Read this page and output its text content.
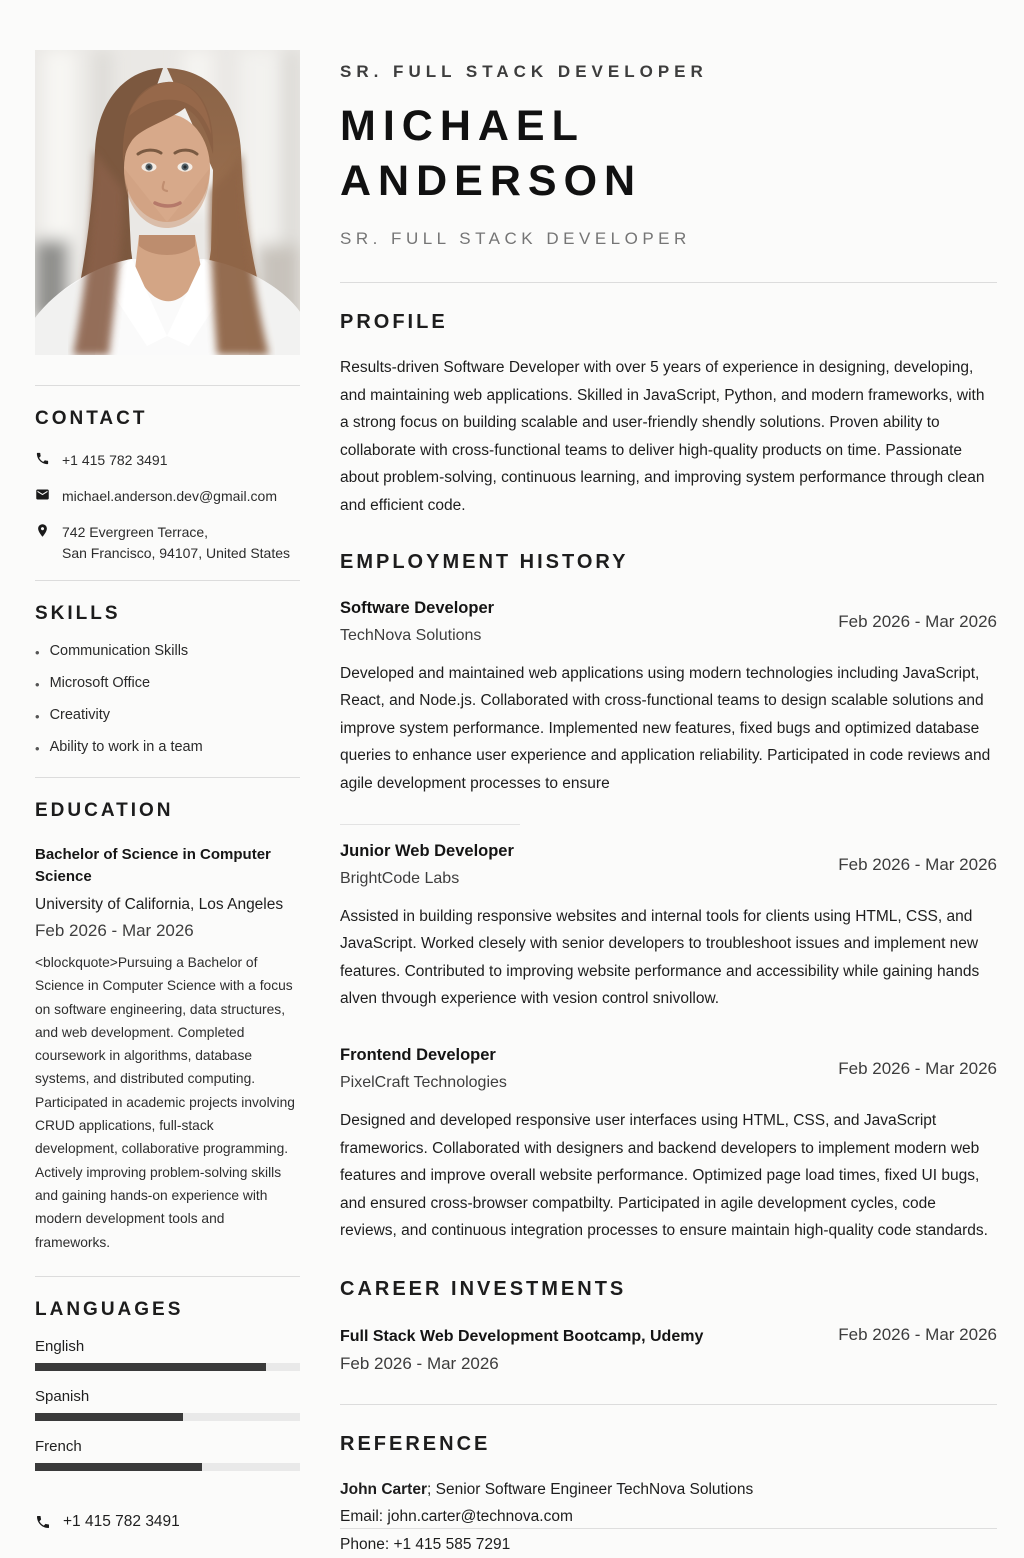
CONTACT
+1 415 782 3491
michael.anderson.dev@gmail.com
742 Evergreen Terrace,
San Francisco, 94107, United States
SKILLS
• Communication Skills
• Microsoft Office
• Creativity
• Ability to work in a team
EDUCATION
Bachelor of Science in Computer Science
University of California, Los Angeles
Feb 2026 - Mar 2026

<blockquote>Pursuing a Bachelor of Science in Computer Science with a focus on software engineering, data structures, and web development. Completed coursework in algorithms, database systems, and distributed computing. Participated in academic projects involving CRUD applications, full-stack development, collaborative programming. Actively improving problem-solving skills and gaining hands-on experience with modern development tools and frameworks.

LANGUAGES
English
Spanish
French
+1 415 782 3491
SR. FULL STACK DEVELOPER
MICHAEL
ANDERSON
SR. FULL STACK DEVELOPER
PROFILE

Results-driven Software Developer with over 5 years of experience in designing, developing, and maintaining web applications. Skilled in JavaScript, Python, and modern frameworks, with a strong focus on building scalable and user-friendly shendly solutions. Proven ability to collaborate with cross-functional teams to deliver high-quality products on time. Passionate about problem-solving, continuous learning, and improving system performance through clean and efficient code.

EMPLOYMENT HISTORY
Software Developer
TechNova Solutions
Feb 2026 - Mar 2026

Developed and maintained web applications using modern technologies including JavaScript, React, and Node.js. Collaborated with cross-functional teams to design scalable solutions and improve system performance. Implemented new features, fixed bugs and optimized database queries to enhance user experience and application reliability. Participated in code reviews and agile development processes to ensure

Junior Web Developer
BrightCode Labs
Feb 2026 - Mar 2026

Assisted in building responsive websites and internal tools for clients using HTML, CSS, and JavaScript. Worked clesely with senior developers to troubleshoot issues and implement new features. Contributed to improving website performance and accessibility while gaining hands alven thvough experience with vesion control snivollow.

Frontend Developer
PixelCraft Technologies
Feb 2026 - Mar 2026

Designed and developed responsive user interfaces using HTML, CSS, and JavaScript frameworics. Collaborated with designers and backend developers to implement modern web features and improve overall website performance. Optimized page load times, fixed UI bugs, and ensured cross-browser compatbilty. Participated in agile development cycles, code reviews, and continuous integration processes to ensure maintain high-quality code standards.

CAREER INVESTMENTS
Full Stack Web Development Bootcamp, Udemy	Feb 2026 - Mar 2026
Feb 2026 - Mar 2026
REFERENCE

John Carter; Senior Software Engineer TechNova Solutions

Email: john.carter@technova.com

Phone: +1 415 585 7291
